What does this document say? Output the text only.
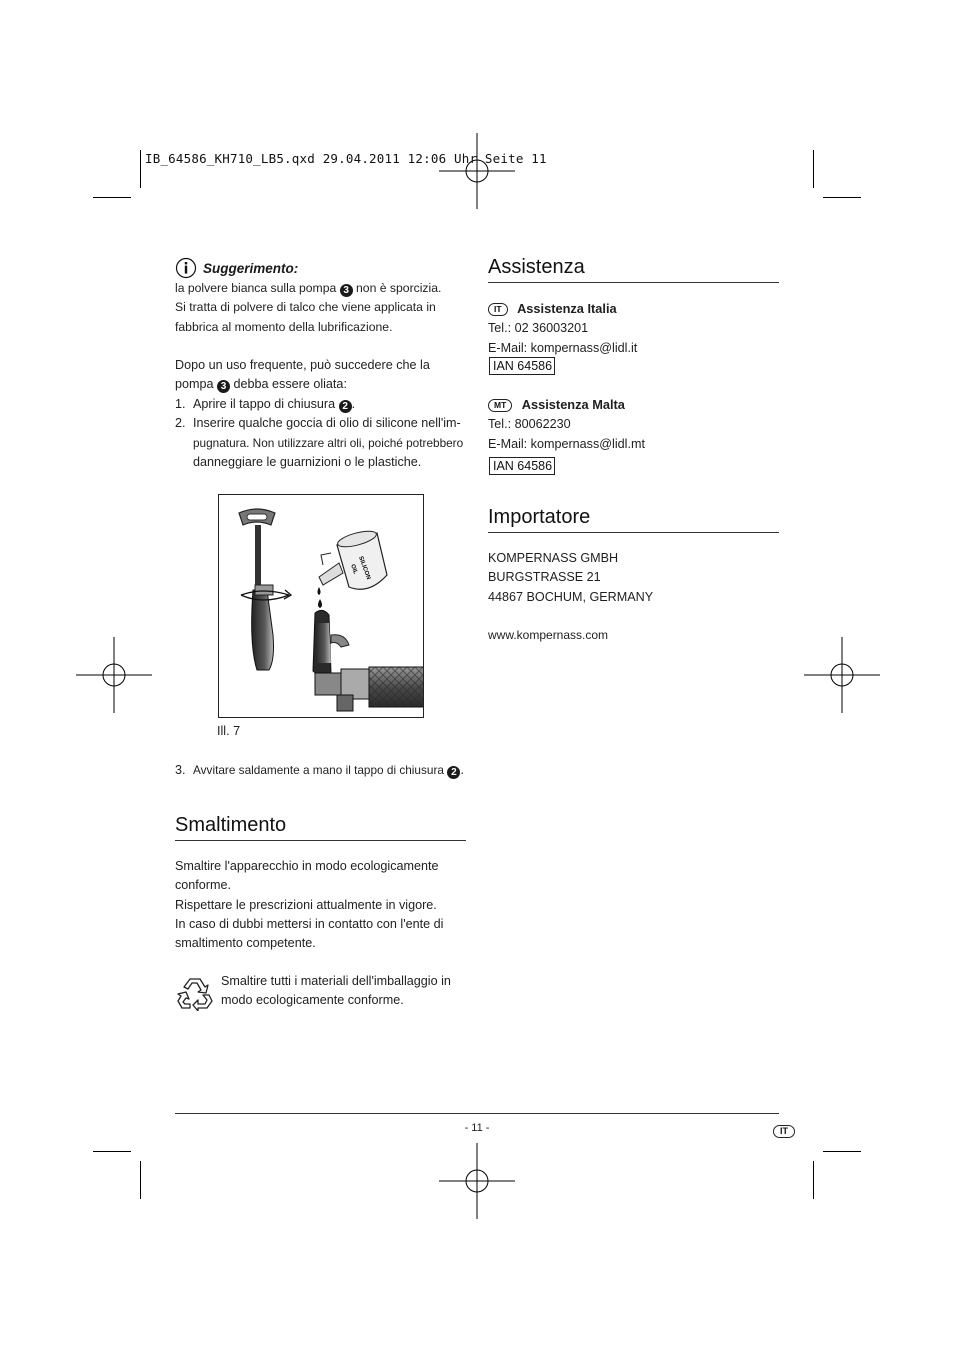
IB_64586_KH710_LB5.qxd 29.04.2011 12:06 Uhr Seite 11
Suggerimento:
la polvere bianca sulla pompa 3 non è sporcizia.
Si tratta di polvere di talco che viene applicata in
fabbrica al momento della lubrificazione.
Dopo un uso frequente, può succedere che la
pompa 3 debba essere oliata:
1. Aprire il tappo di chiusura 2 .
2. Inserire qualche goccia di olio di silicone nell'im-
pugnatura. Non utilizzare altri oli, poiché potrebbero
danneggiare le guarnizioni o le plastiche.
SILICON
OIL
Ill. 7
3. Avvitare saldamente a mano il tappo di chiusura 2 .
Smaltimento
Smaltire l'apparecchio in modo ecologicamente
conforme.
Rispettare le prescrizioni attualmente in vigore.
In caso di dubbi mettersi in contatto con l'ente di
smaltimento competente.
Smaltire tutti i materiali dell'imballaggio in
modo ecologicamente conforme.
Assistenza
IT Assistenza Italia
Tel.: 02 36003201
E-Mail: kompernass@lidl.it
IAN 64586
MT Assistenza Malta
Tel.: 80062230
E-Mail: kompernass@lidl.mt
IAN 64586
Importatore
KOMPERNASS GMBH
BURGSTRASSE 21
44867 BOCHUM, GERMANY
www.kompernass.com
- 11 -	IT
